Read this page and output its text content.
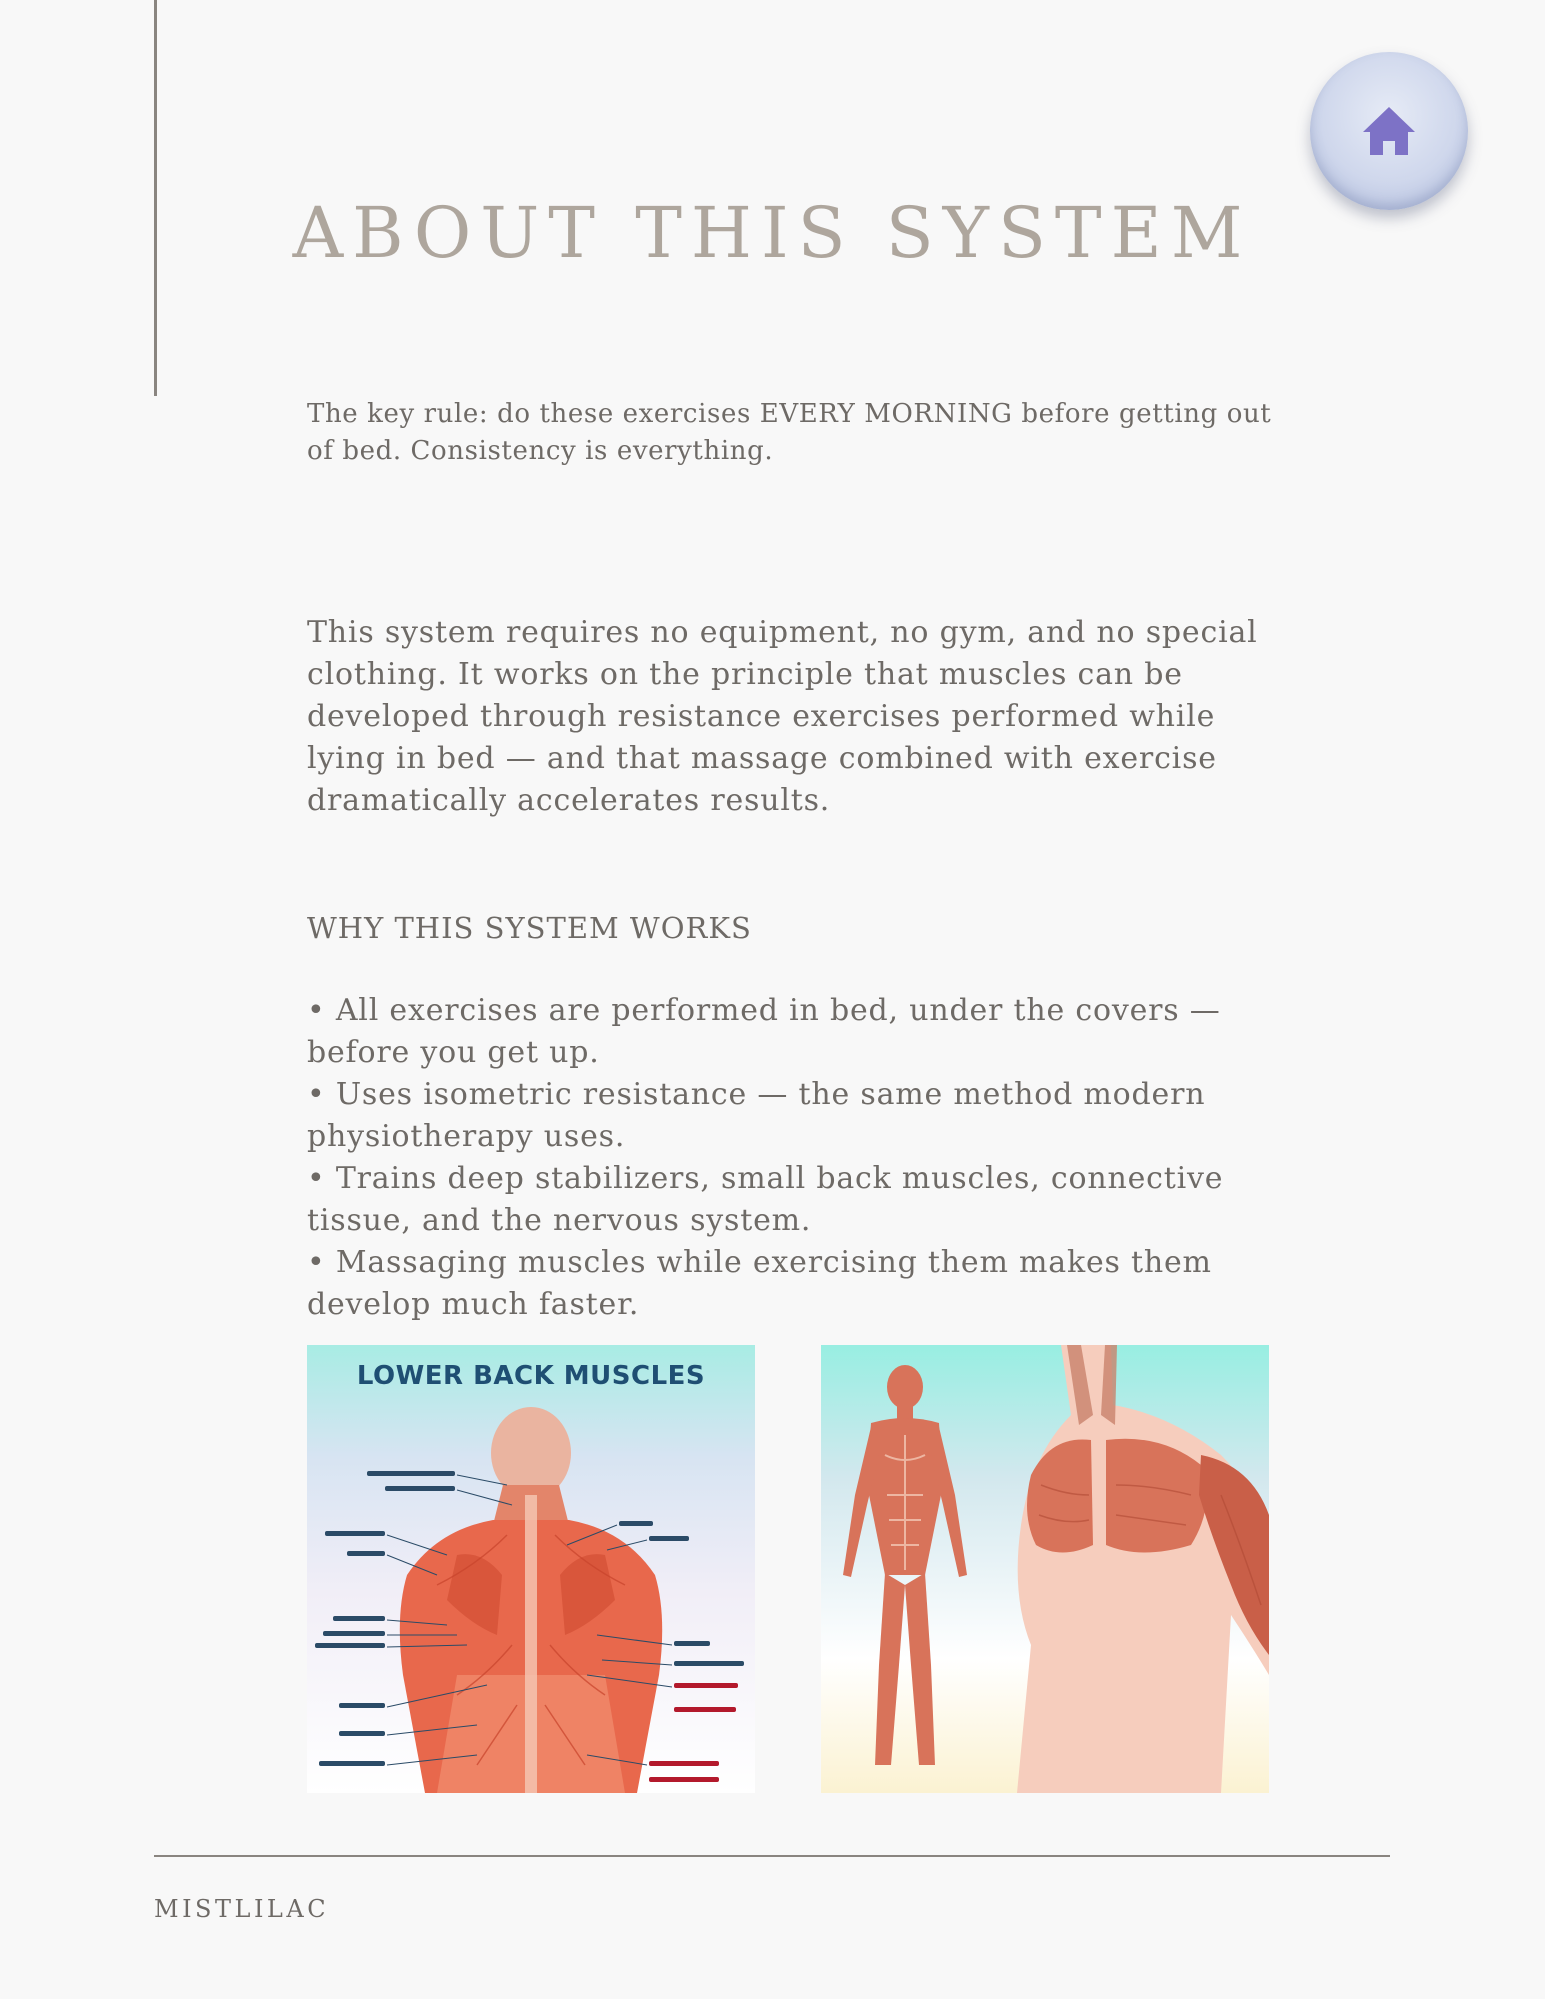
ABOUT THIS SYSTEM

The key rule: do these exercises EVERY MORNING before getting out of bed. Consistency is everything.

This system requires no equipment, no gym, and no special clothing. It works on the principle that muscles can be developed through resistance exercises performed while lying in bed — and that massage combined with exercise dramatically accelerates results.

WHY THIS SYSTEM WORKS
• All exercises are performed in bed, under the covers — before you get up.
• Uses isometric resistance — the same method modern physiotherapy uses.
• Trains deep stabilizers, small back muscles, connective tissue, and the nervous system.
• Massaging muscles while exercising them makes them develop much faster.
LOWER BACK MUSCLES
MISTLILAC
